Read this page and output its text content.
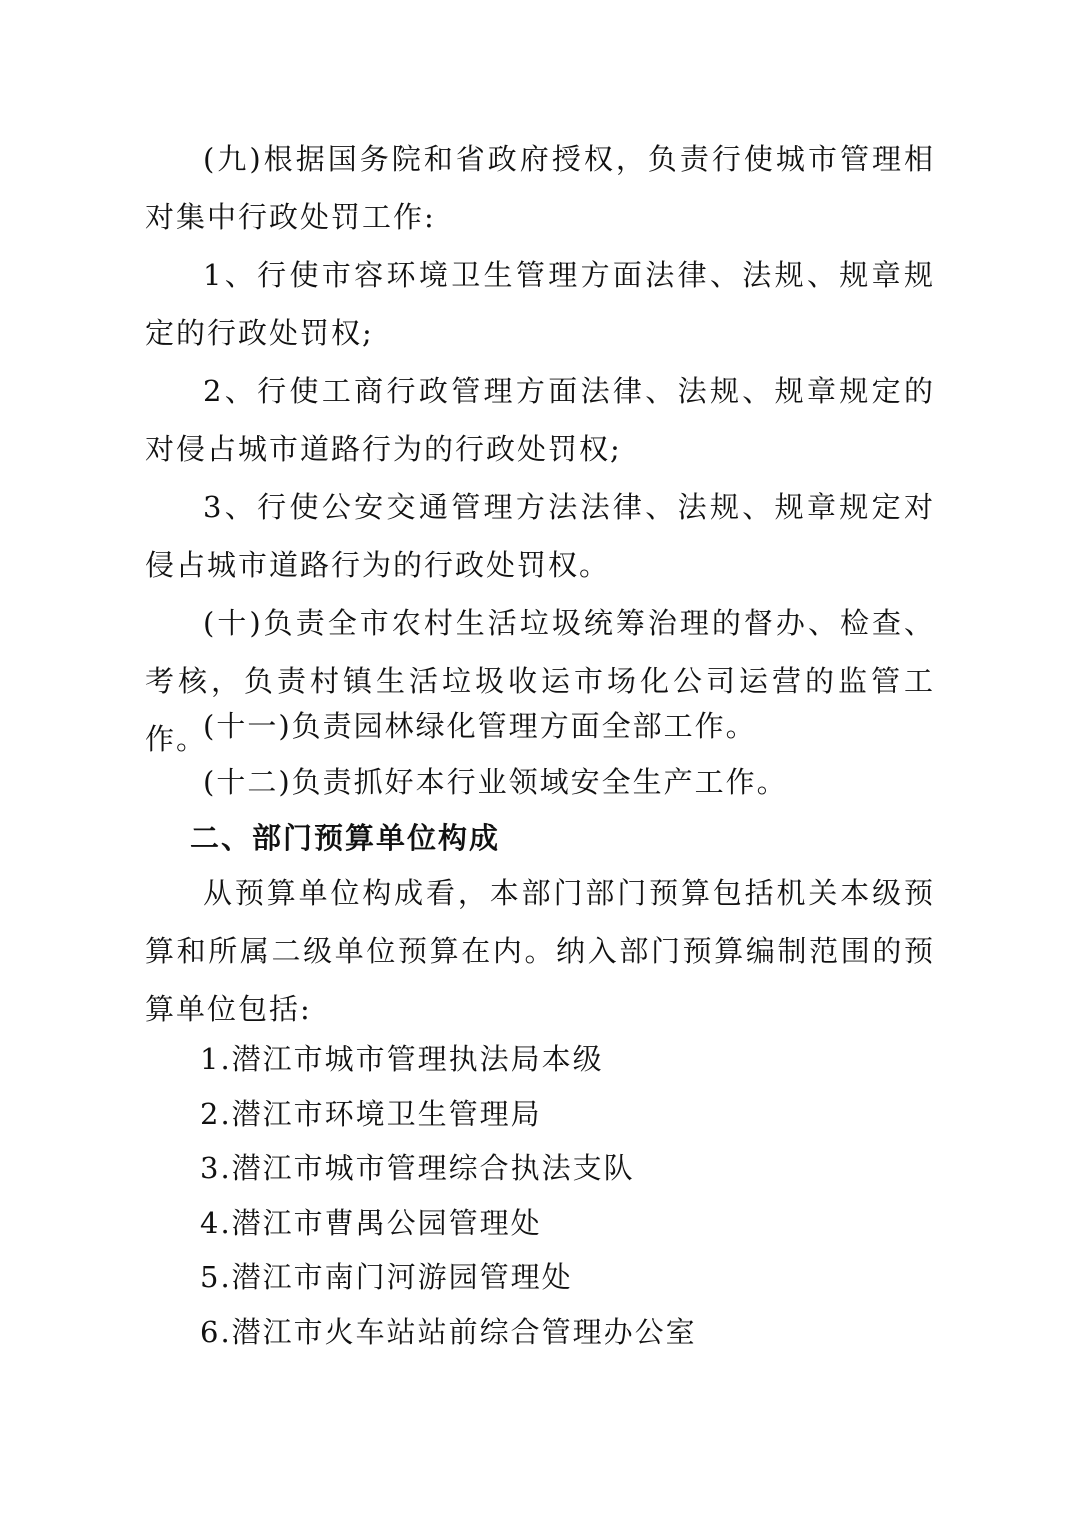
(九)根据国务院和省政府授权，负责行使城市管理相对集中行政处罚工作:

1、行使市容环境卫生管理方面法律、法规、规章规定的行政处罚权;

2、行使工商行政管理方面法律、法规、规章规定的对侵占城市道路行为的行政处罚权;

3、行使公安交通管理方法法律、法规、规章规定对侵占城市道路行为的行政处罚权。

(十)负责全市农村生活垃圾统筹治理的督办、检查、考核，负责村镇生活垃圾收运市场化公司运营的监管工作。

(十一)负责园林绿化管理方面全部工作。

(十二)负责抓好本行业领域安全生产工作。

二、部门预算单位构成

从预算单位构成看，本部门部门预算包括机关本级预算和所属二级单位预算在内。纳入部门预算编制范围的预算单位包括:

1.潜江市城市管理执法局本级
2.潜江市环境卫生管理局
3.潜江市城市管理综合执法支队
4.潜江市曹禺公园管理处
5.潜江市南门河游园管理处
6.潜江市火车站站前综合管理办公室
